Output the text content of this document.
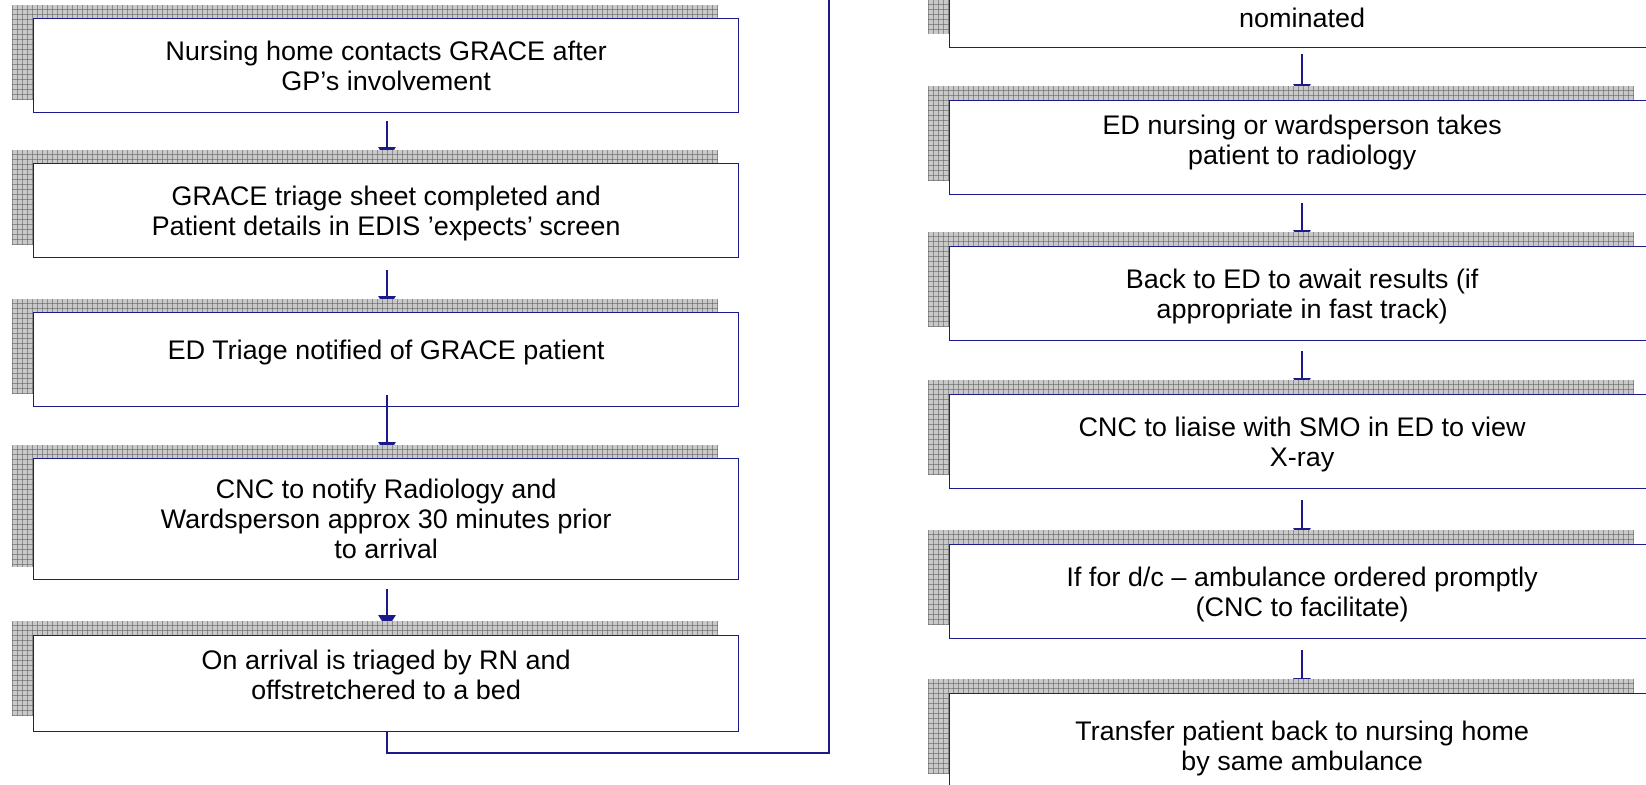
Nursing home contacts GRACE after
GP’s involvement
GRACE triage sheet completed and
Patient details in EDIS ’expects’ screen
ED Triage notified of GRACE patient
CNC to notify Radiology and
Wardsperson approx 30 minutes prior
to arrival
On arrival is triaged by RN and
offstretchered to a bed
nominated
ED nursing or wardsperson takes
patient to radiology
Back to ED to await results (if
appropriate in fast track)
CNC to liaise with SMO in ED to view
X-ray
If for d/c – ambulance ordered promptly
(CNC to facilitate)
Transfer patient back to nursing home
by same ambulance
